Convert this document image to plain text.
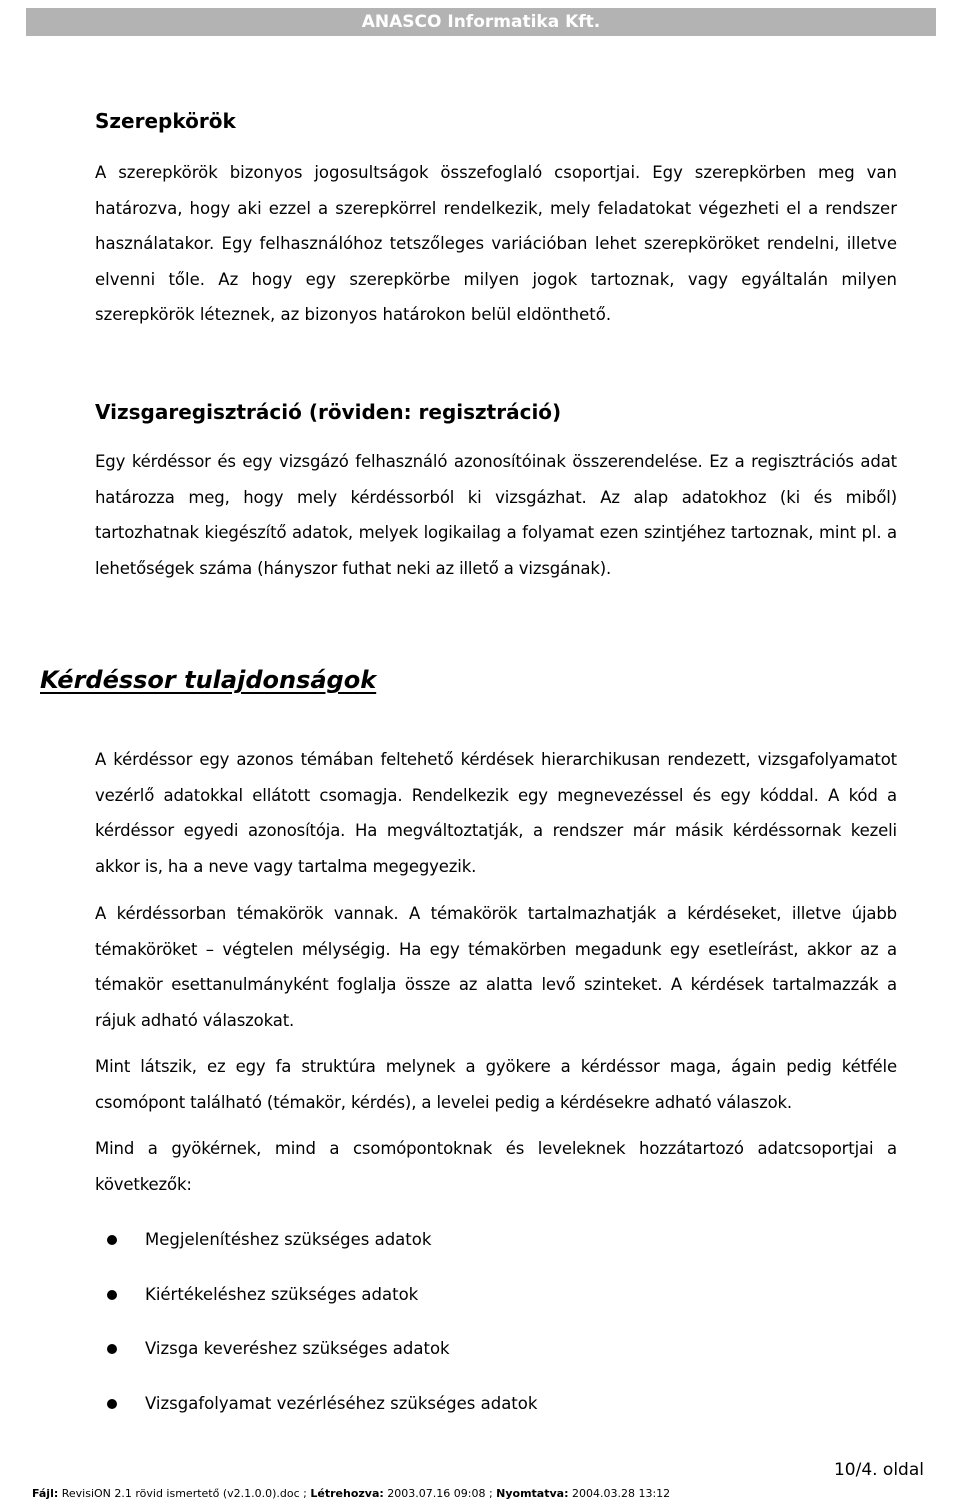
ANASCO Informatika Kft.
Szerepkörök

A szerepkörök bizonyos jogosultságok összefoglaló csoportjai. Egy szerepkörben meg van határozva, hogy aki ezzel a szerepkörrel rendelkezik, mely feladatokat végezheti el a rendszer használatakor. Egy felhasználóhoz tetszőleges variációban lehet szerepköröket rendelni, illetve elvenni tőle. Az hogy egy szerepkörbe milyen jogok tartoznak, vagy egyáltalán milyen szerepkörök léteznek, az bizonyos határokon belül eldönthető.

Vizsgaregisztráció (röviden: regisztráció)

Egy kérdéssor és egy vizsgázó felhasználó azonosítóinak összerendelése. Ez a regisztrációs adat határozza meg, hogy mely kérdéssorból ki vizsgázhat. Az alap adatokhoz (ki és miből) tartozhatnak kiegészítő adatok, melyek logikailag a folyamat ezen szintjéhez tartoznak, mint pl. a lehetőségek száma (hányszor futhat neki az illető a vizsgának).

Kérdéssor tulajdonságok

A kérdéssor egy azonos témában feltehető kérdések hierarchikusan rendezett, vizsgafolyamatot vezérlő adatokkal ellátott csomagja. Rendelkezik egy megnevezéssel és egy kóddal. A kód a kérdéssor egyedi azonosítója. Ha megváltoztatják, a rendszer már másik kérdéssornak kezeli akkor is, ha a neve vagy tartalma megegyezik.

A kérdéssorban témakörök vannak. A témakörök tartalmazhatják a kérdéseket, illetve újabb témaköröket – végtelen mélységig. Ha egy témakörben megadunk egy esetleírást, akkor az a témakör esettanulmányként foglalja össze az alatta levő szinteket. A kérdések tartalmazzák a rájuk adható válaszokat.

Mint látszik, ez egy fa struktúra melynek a gyökere a kérdéssor maga, ágain pedig kétféle csomópont található (témakör, kérdés), a levelei pedig a kérdésekre adható válaszok.

Mind a gyökérnek, mind a csomópontoknak és leveleknek hozzátartozó adatcsoportjai a következők:

Megjelenítéshez szükséges adatok
Kiértékeléshez szükséges adatok
Vizsga keveréshez szükséges adatok
Vizsgafolyamat vezérléséhez szükséges adatok
10/4. oldal
Fájl: RevisiON 2.1 rövid ismertető (v2.1.0.0).doc ; Létrehozva: 2003.07.16 09:08 ; Nyomtatva: 2004.03.28 13:12
